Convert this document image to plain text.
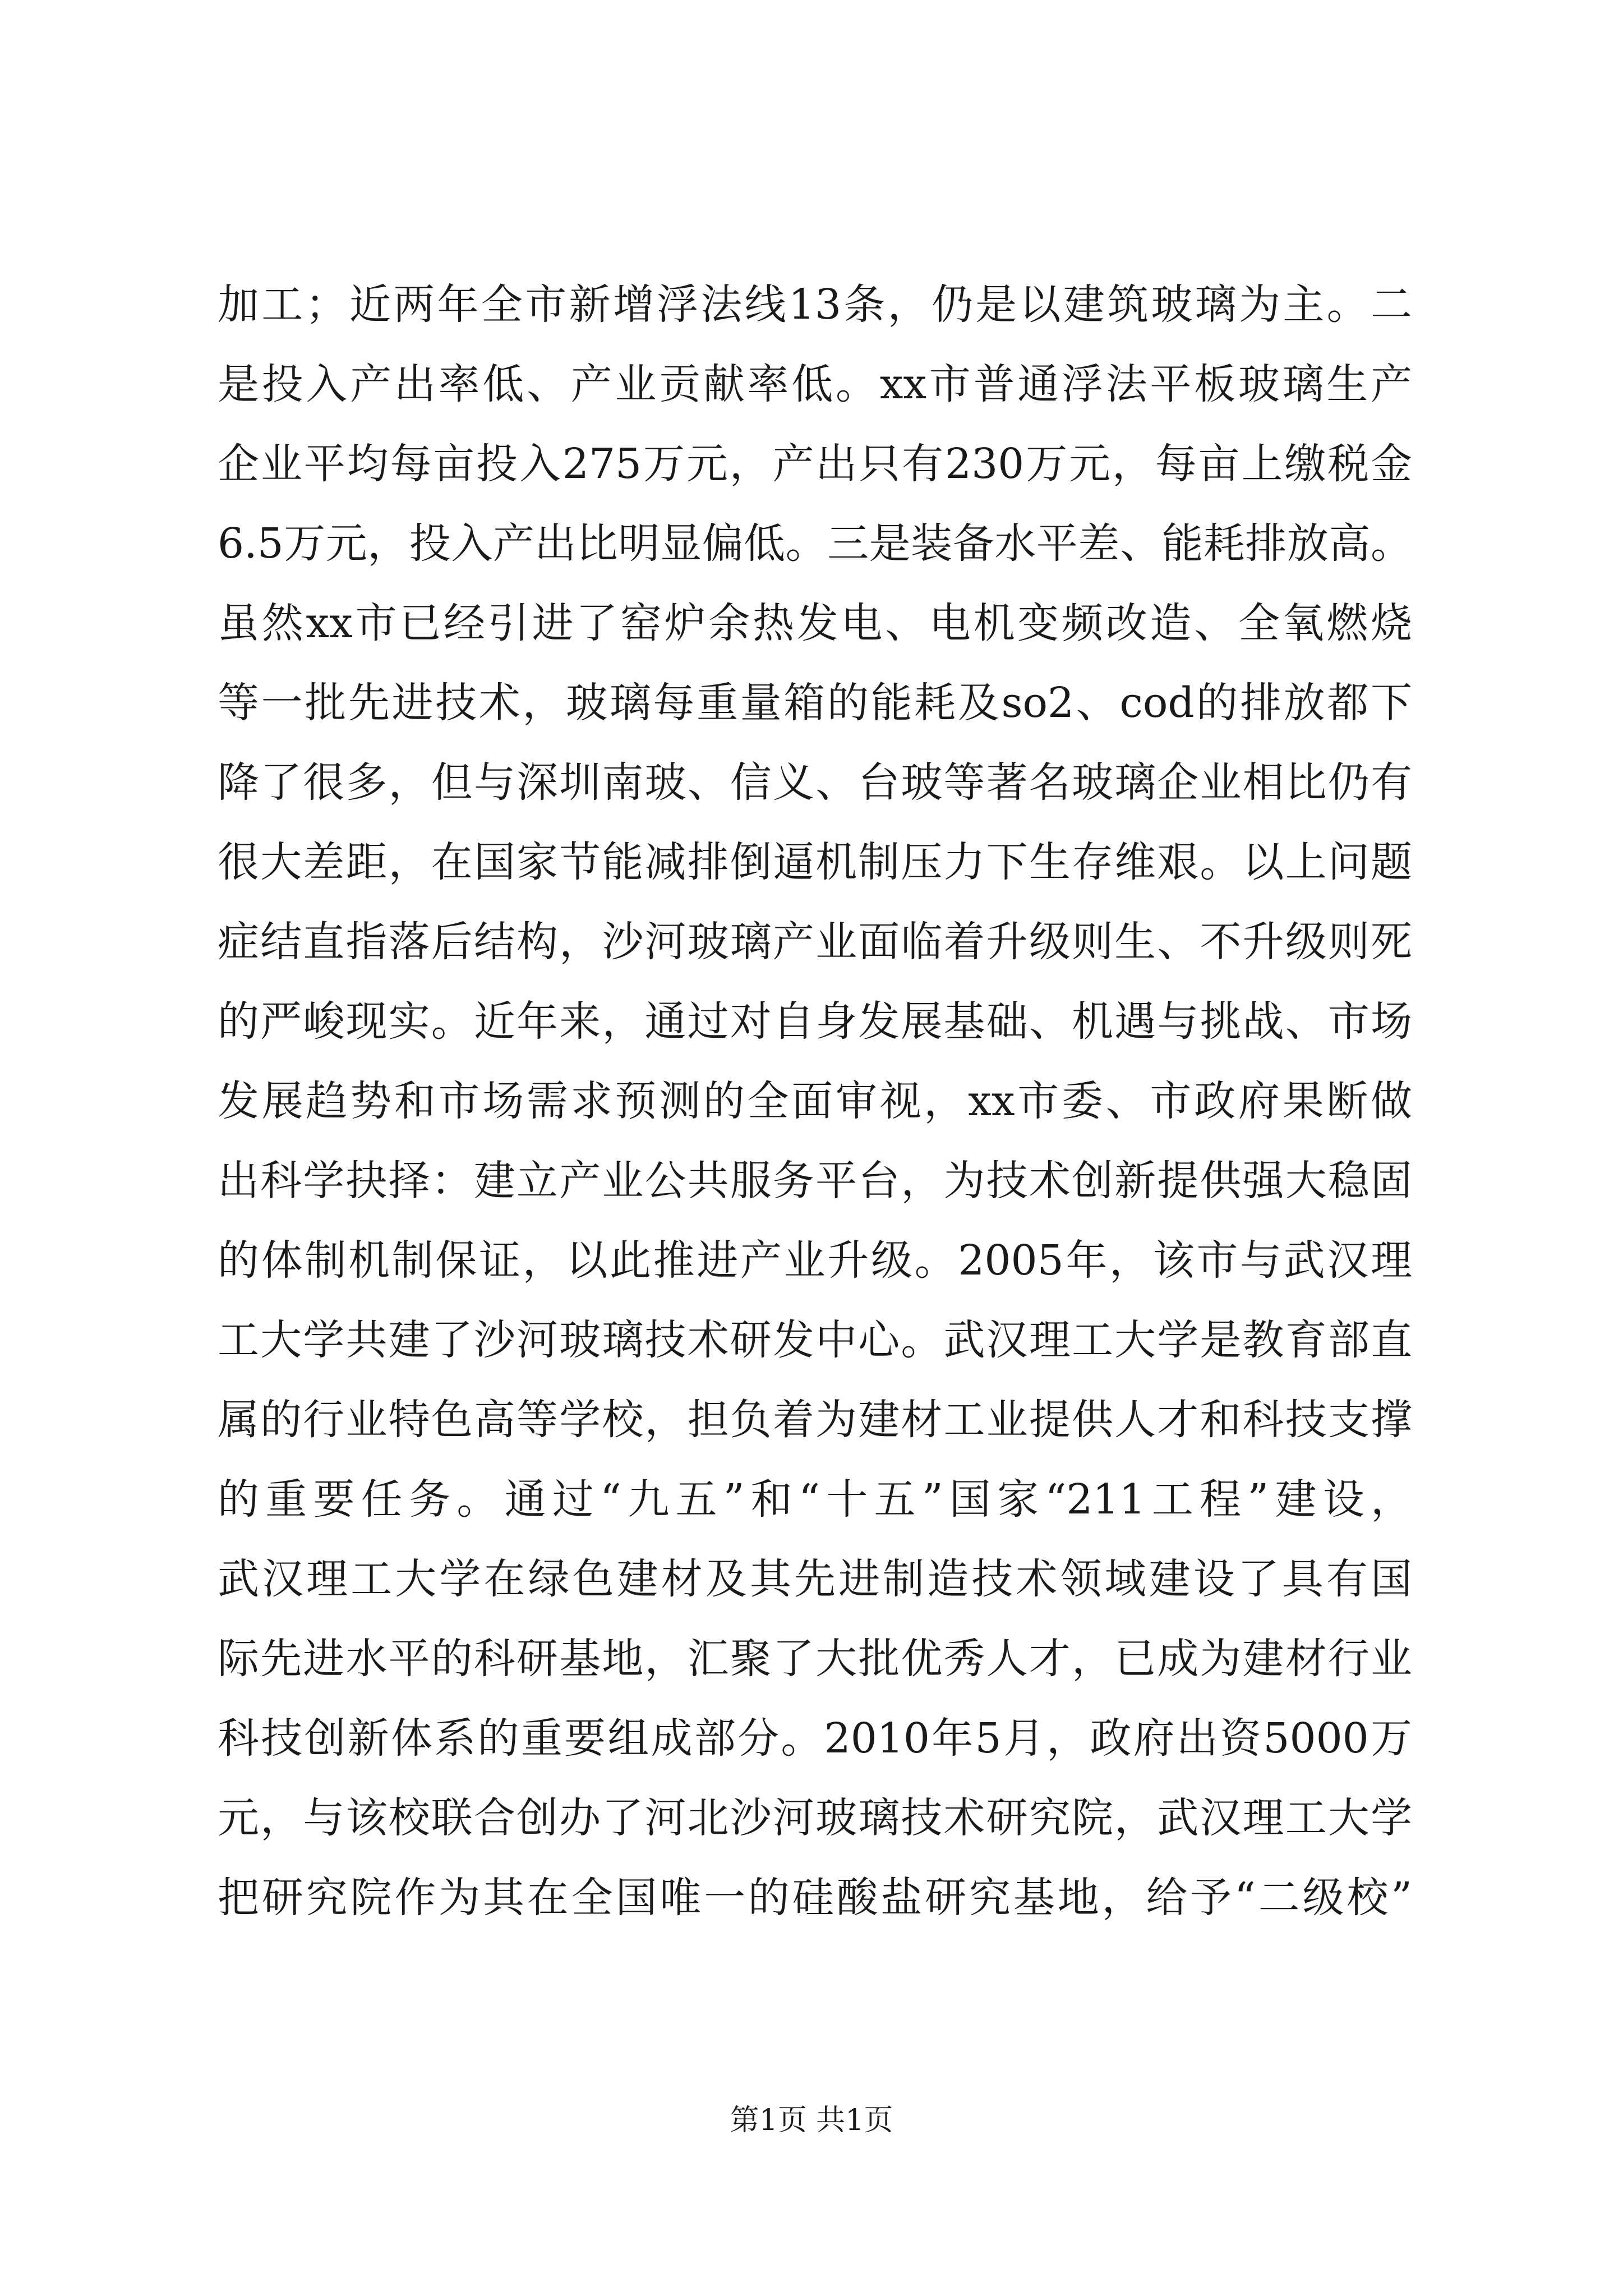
加工；近两年全市新增浮法线13条，仍是以建筑玻璃为主。二
是投入产出率低、产业贡献率低。xx市普通浮法平板玻璃生产
企业平均每亩投入275万元，产出只有230万元，每亩上缴税金
6.5万元，投入产出比明显偏低。三是装备水平差、能耗排放高。
虽然xx市已经引进了窑炉余热发电、电机变频改造、全氧燃烧
等一批先进技术，玻璃每重量箱的能耗及so2、cod的排放都下
降了很多，但与深圳南玻、信义、台玻等著名玻璃企业相比仍有
很大差距，在国家节能减排倒逼机制压力下生存维艰。以上问题
症结直指落后结构，沙河玻璃产业面临着升级则生、不升级则死
的严峻现实。近年来，通过对自身发展基础、机遇与挑战、市场
发展趋势和市场需求预测的全面审视，xx市委、市政府果断做
出科学抉择：建立产业公共服务平台，为技术创新提供强大稳固
的体制机制保证，以此推进产业升级。2005年，该市与武汉理
工大学共建了沙河玻璃技术研发中心。武汉理工大学是教育部直
属的行业特色高等学校，担负着为建材工业提供人才和科技支撑
的重要任务。通过“九五”和“十五”国家“211工程”建设，
武汉理工大学在绿色建材及其先进制造技术领域建设了具有国
际先进水平的科研基地，汇聚了大批优秀人才，已成为建材行业
科技创新体系的重要组成部分。2010年5月，政府出资5000万
元，与该校联合创办了河北沙河玻璃技术研究院，武汉理工大学
把研究院作为其在全国唯一的硅酸盐研究基地，给予“二级校”
第1页 共1页
